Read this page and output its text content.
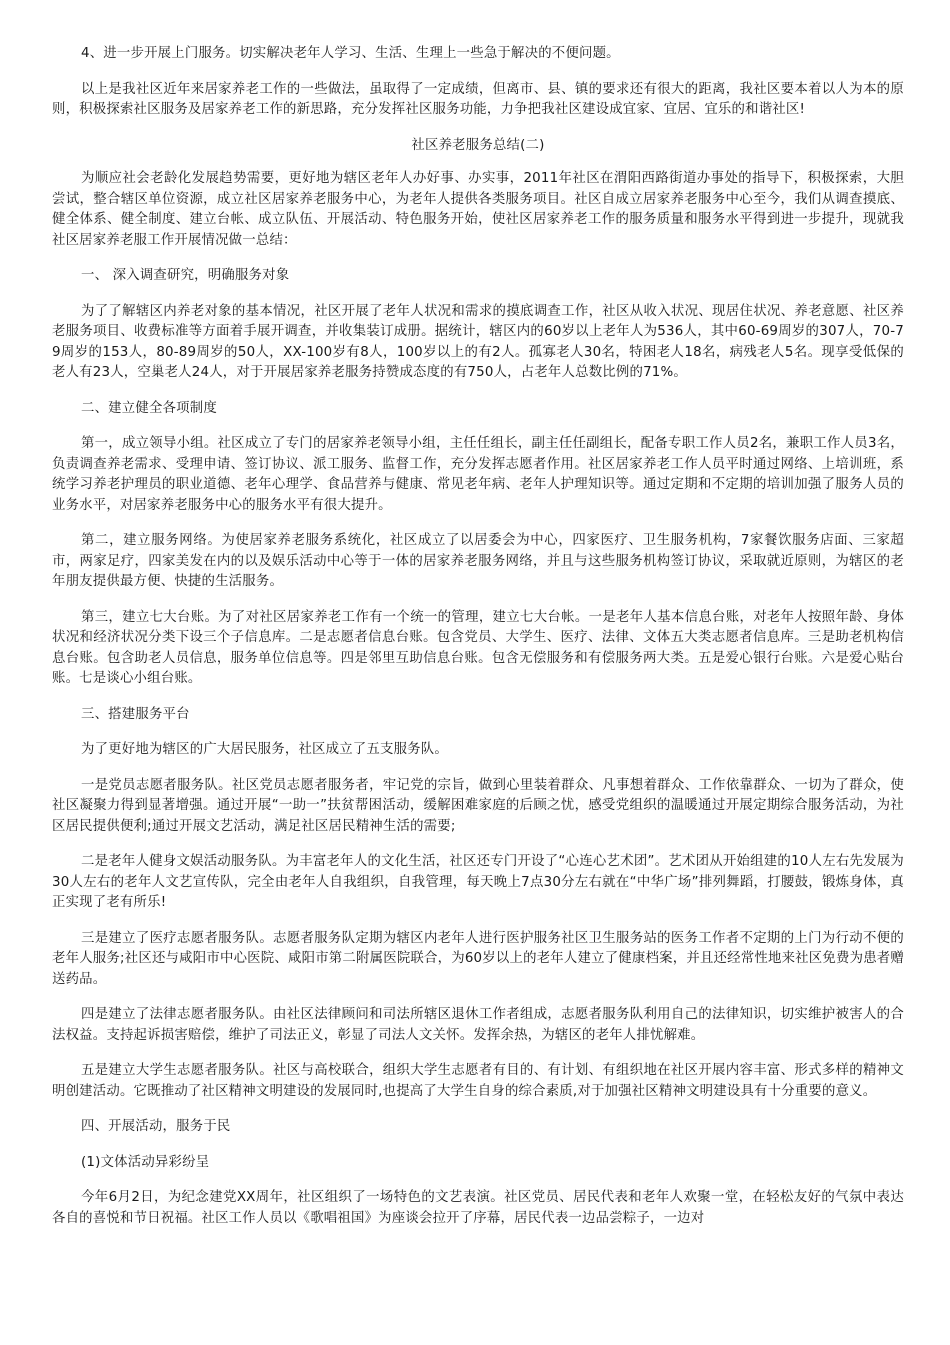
4、进一步开展上门服务。切实解决老年人学习、生活、生理上一些急于解决的不便问题。

以上是我社区近年来居家养老工作的一些做法，虽取得了一定成绩，但离市、县、镇的要求还有很大的距离，我社区要本着以人为本的原则，积极探索社区服务及居家养老工作的新思路，充分发挥社区服务功能，力争把我社区建设成宜家、宜居、宜乐的和谐社区!

社区养老服务总结(二)

为顺应社会老龄化发展趋势需要，更好地为辖区老年人办好事、办实事，2011年社区在渭阳西路街道办事处的指导下，积极探索，大胆尝试，整合辖区单位资源，成立社区居家养老服务中心，为老年人提供各类服务项目。社区自成立居家养老服务中心至今，我们从调查摸底、健全体系、健全制度、建立台帐、成立队伍、开展活动、特色服务开始，使社区居家养老工作的服务质量和服务水平得到进一步提升，现就我社区居家养老服工作开展情况做一总结：

一、 深入调查研究，明确服务对象

为了了解辖区内养老对象的基本情况，社区开展了老年人状况和需求的摸底调查工作，社区从收入状况、现居住状况、养老意愿、社区养老服务项目、收费标准等方面着手展开调查，并收集装订成册。据统计，辖区内的60岁以上老年人为536人，其中60-69周岁的307人，70-79周岁的153人，80-89周岁的50人，XX-100岁有8人，100岁以上的有2人。孤寡老人30名，特困老人18名，病残老人5名。现享受低保的老人有23人，空巢老人24人，对于开展居家养老服务持赞成态度的有750人，占老年人总数比例的71%。

二、建立健全各项制度

第一，成立领导小组。社区成立了专门的居家养老领导小组，主任任组长，副主任任副组长，配备专职工作人员2名，兼职工作人员3名，负责调查养老需求、受理申请、签订协议、派工服务、监督工作，充分发挥志愿者作用。社区居家养老工作人员平时通过网络、上培训班，系统学习养老护理员的职业道德、老年心理学、食品营养与健康、常见老年病、老年人护理知识等。通过定期和不定期的培训加强了服务人员的业务水平，对居家养老服务中心的服务水平有很大提升。

第二，建立服务网络。为使居家养老服务系统化，社区成立了以居委会为中心，四家医疗、卫生服务机构，7家餐饮服务店面、三家超市，两家足疗，四家美发在内的以及娱乐活动中心等于一体的居家养老服务网络，并且与这些服务机构签订协议，采取就近原则，为辖区的老年朋友提供最方便、快捷的生活服务。

第三，建立七大台账。为了对社区居家养老工作有一个统一的管理，建立七大台帐。一是老年人基本信息台账，对老年人按照年龄、身体状况和经济状况分类下设三个子信息库。二是志愿者信息台账。包含党员、大学生、医疗、法律、文体五大类志愿者信息库。三是助老机构信息台账。包含助老人员信息，服务单位信息等。四是邻里互助信息台账。包含无偿服务和有偿服务两大类。五是爱心银行台账。六是爱心贴台账。七是谈心小组台账。

三、搭建服务平台

为了更好地为辖区的广大居民服务，社区成立了五支服务队。

一是党员志愿者服务队。社区党员志愿者服务者，牢记党的宗旨，做到心里装着群众、凡事想着群众、工作依靠群众、一切为了群众，使社区凝聚力得到显著增强。通过开展“一助一”扶贫帮困活动，缓解困难家庭的后顾之忧，感受党组织的温暖通过开展定期综合服务活动，为社区居民提供便利;通过开展文艺活动，满足社区居民精神生活的需要;

二是老年人健身文娱活动服务队。为丰富老年人的文化生活，社区还专门开设了“心连心艺术团”。艺术团从开始组建的10人左右先发展为30人左右的老年人文艺宣传队，完全由老年人自我组织，自我管理，每天晚上7点30分左右就在“中华广场”排列舞蹈，打腰鼓，锻炼身体，真正实现了老有所乐!

三是建立了医疗志愿者服务队。志愿者服务队定期为辖区内老年人进行医护服务社区卫生服务站的医务工作者不定期的上门为行动不便的老年人服务;社区还与咸阳市中心医院、咸阳市第二附属医院联合，为60岁以上的老年人建立了健康档案，并且还经常性地来社区免费为患者赠送药品。

四是建立了法律志愿者服务队。由社区法律顾问和司法所辖区退休工作者组成，志愿者服务队利用自己的法律知识，切实维护被害人的合法权益。支持起诉损害赔偿，维护了司法正义，彰显了司法人文关怀。发挥余热，为辖区的老年人排忧解难。

五是建立大学生志愿者服务队。社区与高校联合，组织大学生志愿者有目的、有计划、有组织地在社区开展内容丰富、形式多样的精神文明创建活动。它既推动了社区精神文明建设的发展同时,也提高了大学生自身的综合素质,对于加强社区精神文明建设具有十分重要的意义。

四、开展活动，服务于民

(1)文体活动异彩纷呈

今年6月2日，为纪念建党XX周年，社区组织了一场特色的文艺表演。社区党员、居民代表和老年人欢聚一堂，在轻松友好的气氛中表达各自的喜悦和节日祝福。社区工作人员以《歌唱祖国》为座谈会拉开了序幕，居民代表一边品尝粽子，一边对
